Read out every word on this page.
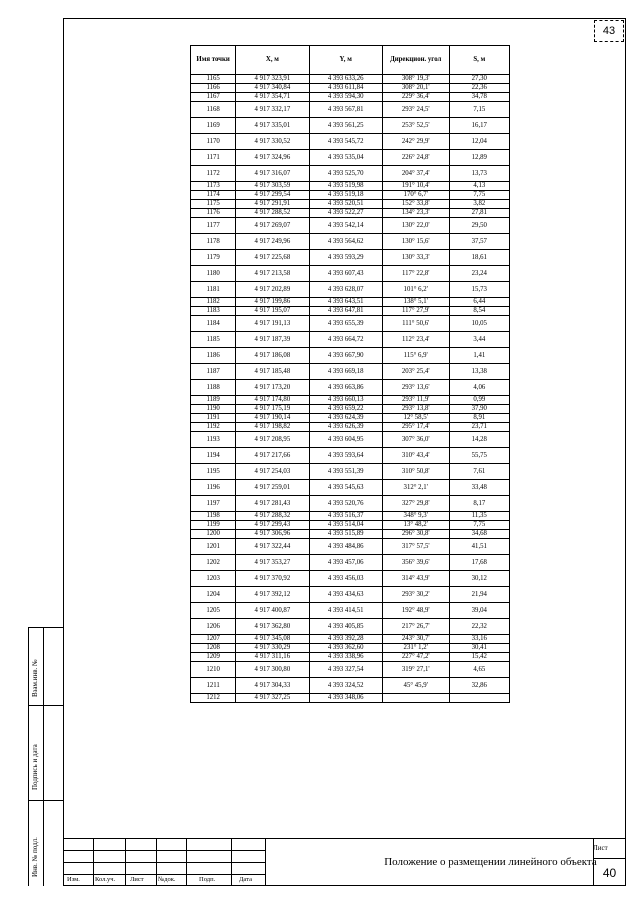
43
Взам.инв. №
Подпись и дата
Инв. № подл.
Имя точки	X, м	Y, м	Дирекцион. угол	S, м
1165	4 917 323,91	4 393 633,26	308° 19,3'	27,30
1166	4 917 340,84	4 393 611,84	308° 20,1'	22,36
1167	4 917 354,71	4 393 594,30	229° 36,4'	34,78
1168	4 917 332,17	4 393 567,81	293° 24,5'	7,15
1169	4 917 335,01	4 393 561,25	253° 52,5'	16,17
1170	4 917 330,52	4 393 545,72	242° 29,9'	12,04
1171	4 917 324,96	4 393 535,04	226° 24,8'	12,89
1172	4 917 316,07	4 393 525,70	204° 37,4'	13,73
1173	4 917 303,59	4 393 519,98	191° 10,4'	4,13
1174	4 917 299,54	4 393 519,18	170° 6,7'	7,75
1175	4 917 291,91	4 393 520,51	152° 33,8'	3,82
1176	4 917 288,52	4 393 522,27	134° 23,3'	27,81
1177	4 917 269,07	4 393 542,14	130° 22,0'	29,50
1178	4 917 249,96	4 393 564,62	130° 15,6'	37,57
1179	4 917 225,68	4 393 593,29	130° 33,3'	18,61
1180	4 917 213,58	4 393 607,43	117° 22,8'	23,24
1181	4 917 202,89	4 393 628,07	101° 6,2'	15,73
1182	4 917 199,86	4 393 643,51	138° 5,1'	6,44
1183	4 917 195,07	4 393 647,81	117° 27,9'	8,54
1184	4 917 191,13	4 393 655,39	111° 50,6'	10,05
1185	4 917 187,39	4 393 664,72	112° 23,4'	3,44
1186	4 917 186,08	4 393 667,90	115° 6,9'	1,41
1187	4 917 185,48	4 393 669,18	203° 25,4'	13,38
1188	4 917 173,20	4 393 663,86	293° 13,6'	4,06
1189	4 917 174,80	4 393 660,13	293° 11,9'	0,99
1190	4 917 175,19	4 393 659,22	293° 13,8'	37,90
1191	4 917 190,14	4 393 624,39	12° 58,5'	8,91
1192	4 917 198,82	4 393 626,39	295° 17,4'	23,71
1193	4 917 208,95	4 393 604,95	307° 36,0'	14,28
1194	4 917 217,66	4 393 593,64	310° 43,4'	55,75
1195	4 917 254,03	4 393 551,39	310° 50,8'	7,61
1196	4 917 259,01	4 393 545,63	312° 2,1'	33,48
1197	4 917 281,43	4 393 520,76	327° 29,8'	8,17
1198	4 917 288,32	4 393 516,37	348° 9,3'	11,35
1199	4 917 299,43	4 393 514,04	13° 48,2'	7,75
1200	4 917 306,96	4 393 515,89	296° 30,8'	34,68
1201	4 917 322,44	4 393 484,86	317° 57,5'	41,51
1202	4 917 353,27	4 393 457,06	356° 39,6'	17,68
1203	4 917 370,92	4 393 456,03	314° 43,9'	30,12
1204	4 917 392,12	4 393 434,63	293° 30,2'	21,94
1205	4 917 400,87	4 393 414,51	192° 48,9'	39,04
1206	4 917 362,80	4 393 405,85	217° 26,7'	22,32
1207	4 917 345,08	4 393 392,28	243° 30,7'	33,16
1208	4 917 330,29	4 393 362,60	231° 1,2'	30,41
1209	4 917 311,16	4 393 338,96	227° 47,2'	15,42
1210	4 917 300,80	4 393 327,54	319° 27,1'	4,65
1211	4 917 304,33	4 393 324,52	45° 45,9'	32,86
1212	4 917 327,25	4 393 348,06		
Изм. Кол.уч. Лист №док.	Подп.	Дата
Положение о размещении линейного объекта
Лист
40
